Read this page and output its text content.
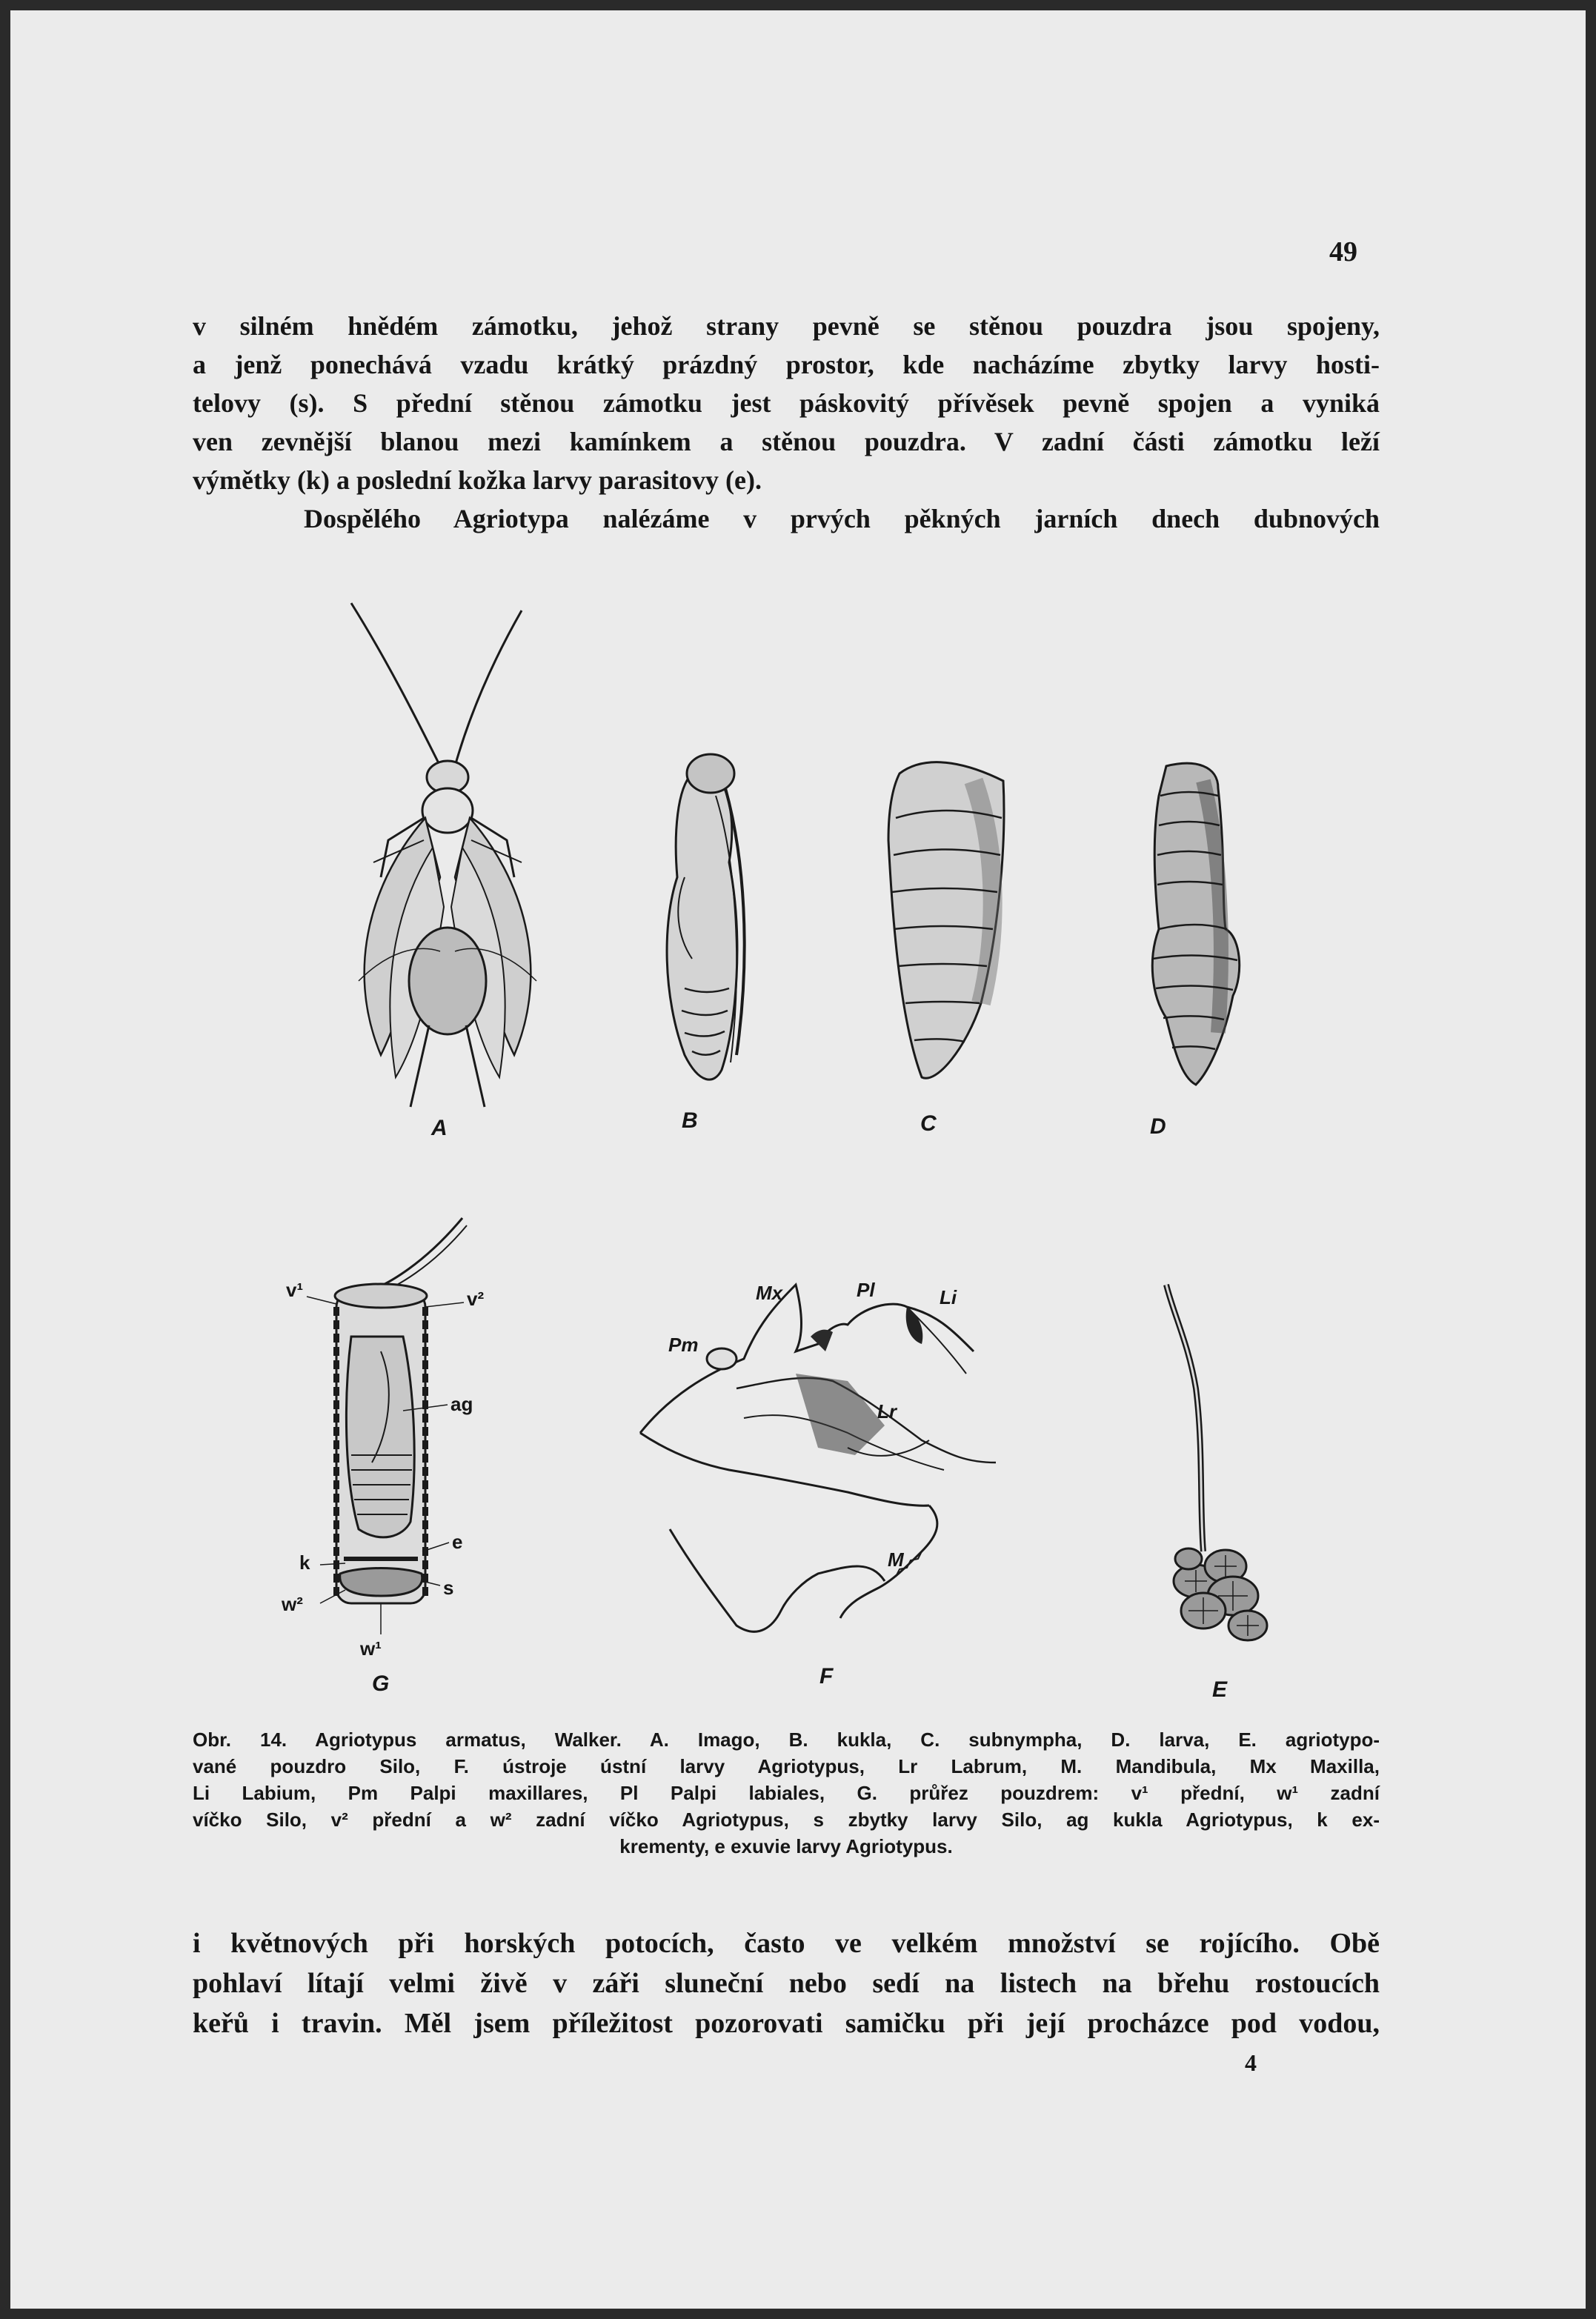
49
v silném hnědém zámotku, jehož strany pevně se stěnou pouzdra jsou spojeny,
a jenž ponechává vzadu krátký prázdný prostor, kde nacházíme zbytky larvy hosti-
telovy (s). S přední stěnou zámotku jest páskovitý přívěsek pevně spojen a vyniká
ven zevnější blanou mezi kamínkem a stěnou pouzdra. V zadní části zámotku leží
výmětky (k) a poslední kožka larvy parasitovy (e).
Dospělého Agriotypa nalézáme v prvých pěkných jarních dnech dubnových
A	B	C	D
v¹	v²
ag
k
e
s
w²
w¹
G
Mx	Pl	Li
Pm
Lr
M
F
E
Obr. 14. Agriotypus armatus, Walker. A. Imago, B. kukla, C. subnympha, D. larva, E. agriotypo-
vané pouzdro Silo, F. ústroje ústní larvy Agriotypus, Lr Labrum, M. Mandibula, Mx Maxilla,
Li Labium, Pm Palpi maxillares, Pl Palpi labiales, G. průřez pouzdrem: v¹ přední, w¹ zadní
víčko Silo, v² přední a w² zadní víčko Agriotypus, s zbytky larvy Silo, ag kukla Agriotypus, k ex-
krementy, e exuvie larvy Agriotypus.
i květnových při horských potocích, často ve velkém množství se rojícího. Obě
pohlaví lítají velmi živě v záři sluneční nebo sedí na listech na břehu rostoucích
keřů i travin. Měl jsem příležitost pozorovati samičku při její procházce pod vodou,
4
